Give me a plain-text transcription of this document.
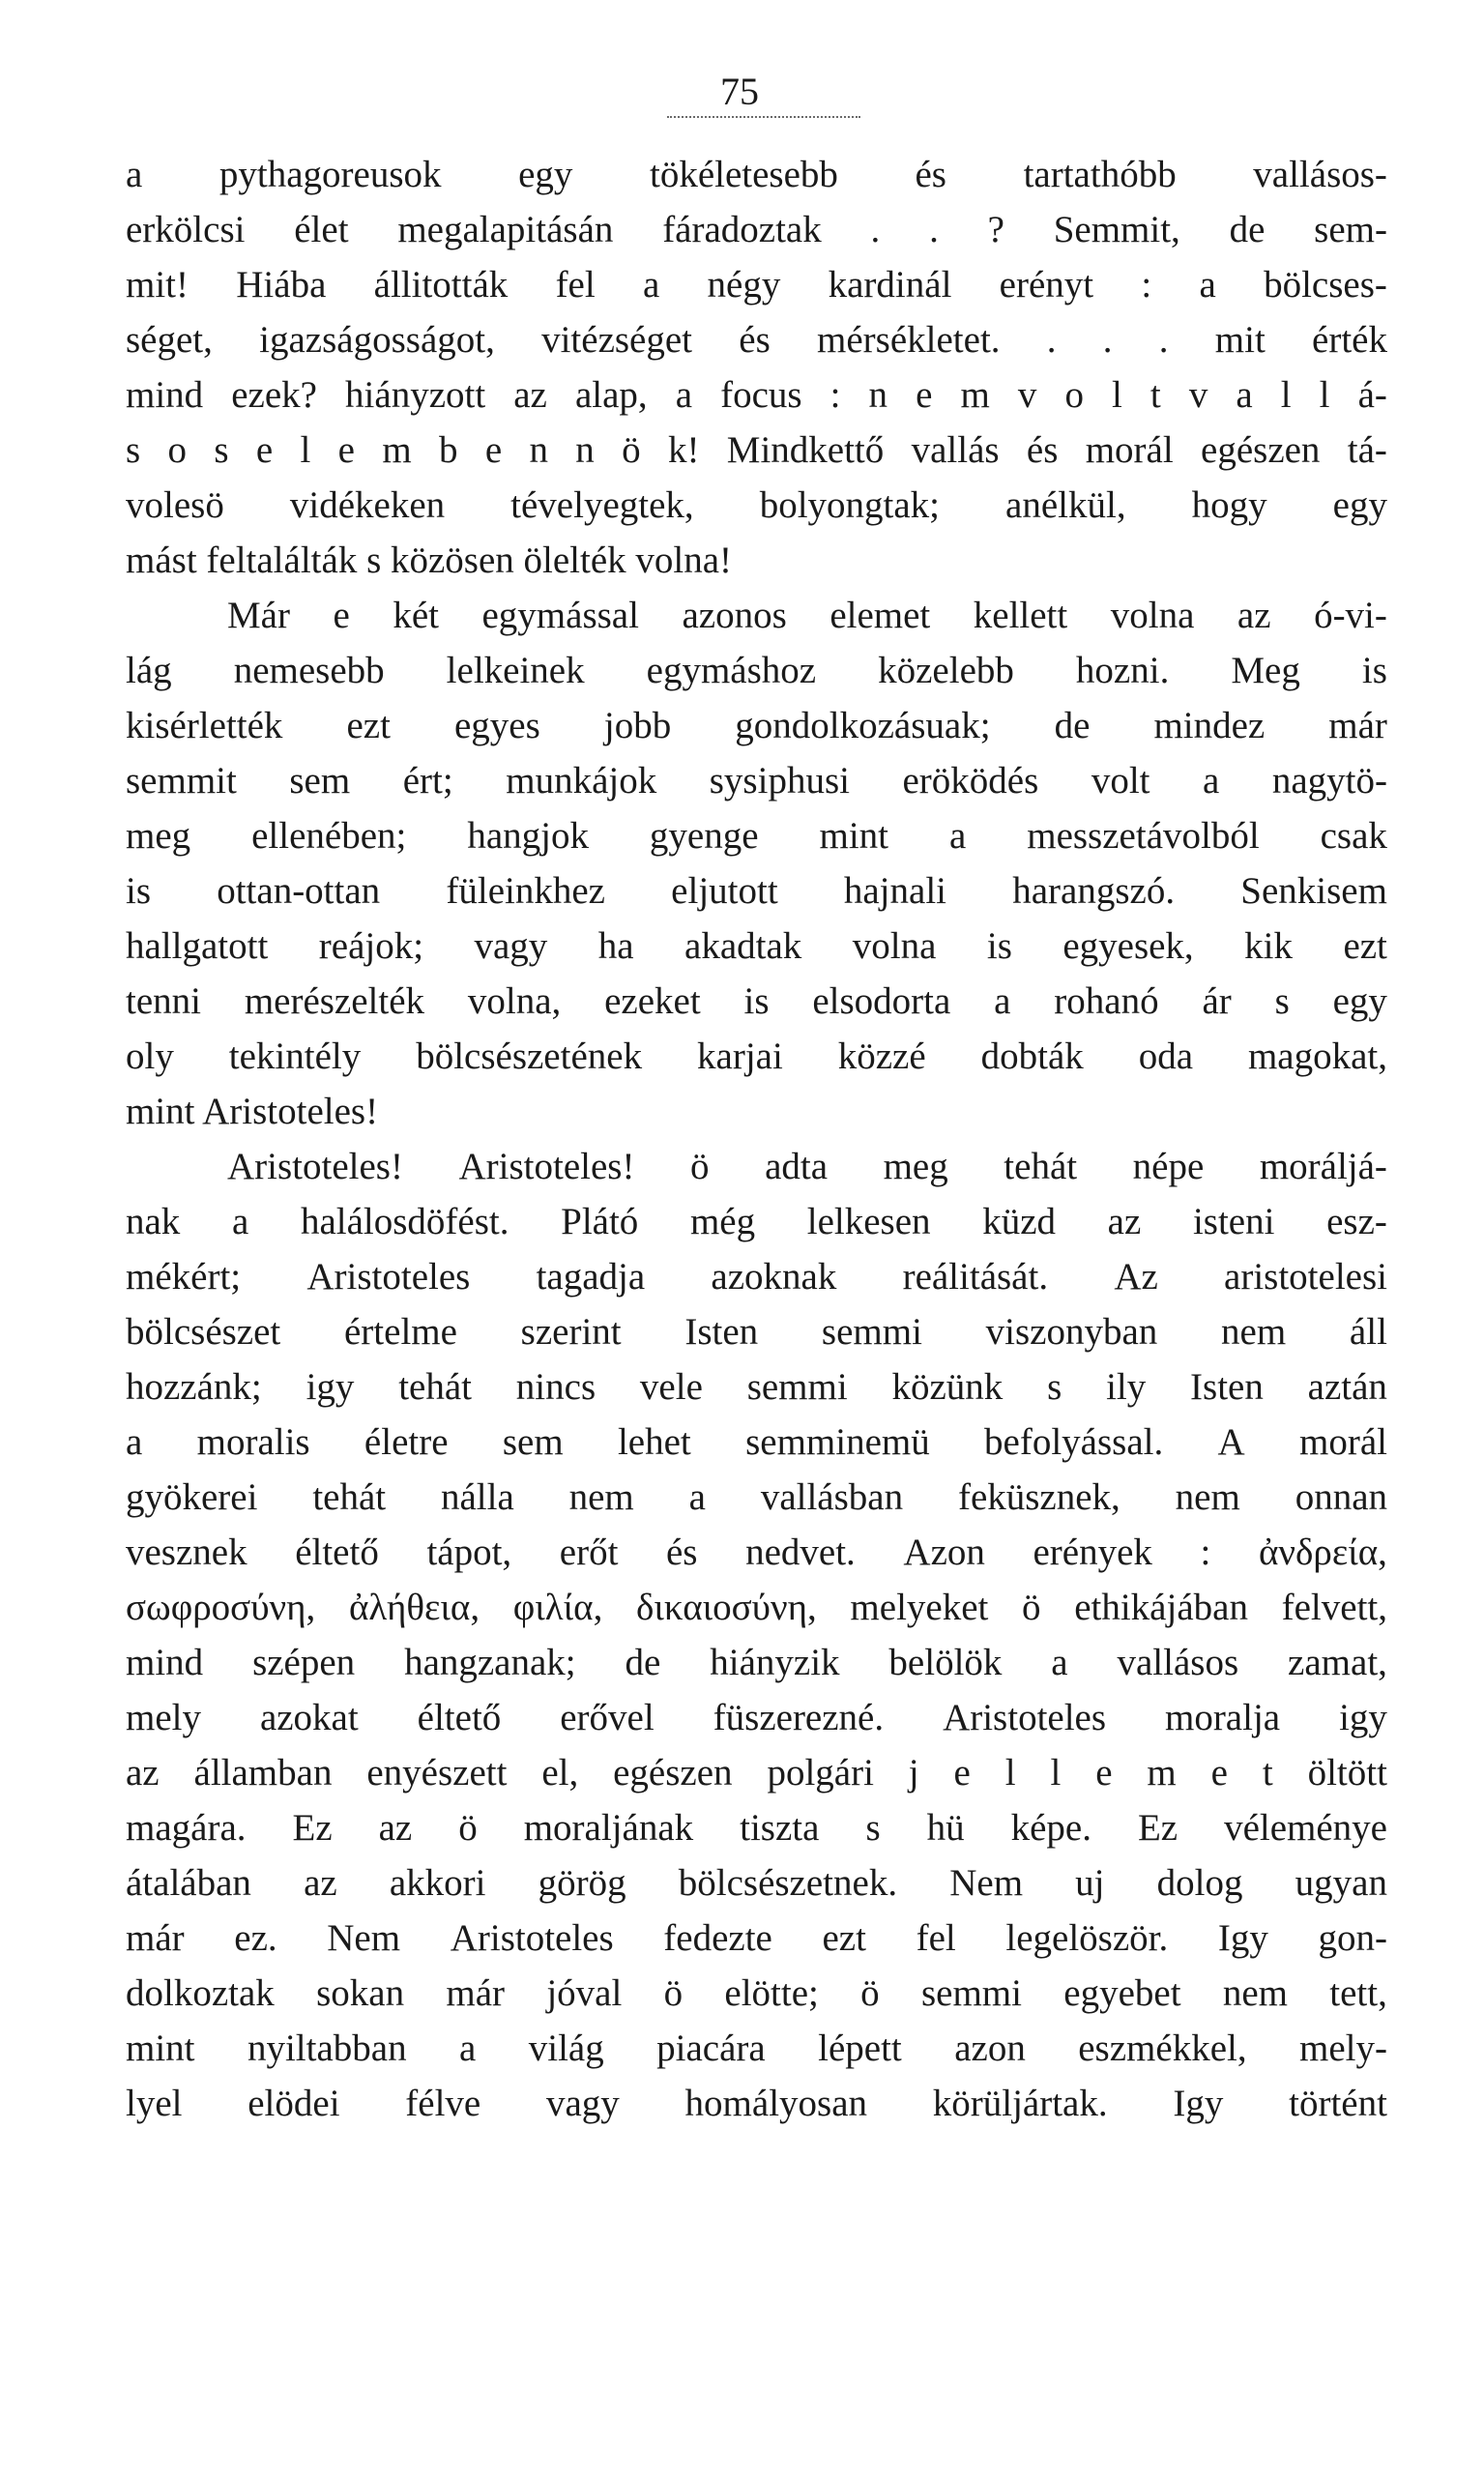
75
a pythagoreusok egy tökéletesebb és tartathóbb vallásos-
erkölcsi élet megalapitásán fáradoztak . . ? Semmit, de sem-
mit! Hiába állitották fel a négy kardinál erényt : a bölcses-
séget, igazságosságot, vitézséget és mérsékletet. . . . mit érték
mind ezek? hiányzott az alap, a focus : n e m v o l t v a l l á-
s o s e l e m b e n n ö k! Mindkettő vallás és morál egészen tá-
volesö vidékeken tévelyegtek, bolyongtak; anélkül, hogy egy
mást feltalálták s közösen ölelték volna!
Már e két egymással azonos elemet kellett volna az ó-vi-
lág nemesebb lelkeinek egymáshoz közelebb hozni. Meg is
kisérlették ezt egyes jobb gondolkozásuak; de mindez már
semmit sem ért; munkájok sysiphusi eröködés volt a nagytö-
meg ellenében; hangjok gyenge mint a messzetávolból csak
is ottan-ottan füleinkhez eljutott hajnali harangszó. Senkisem
hallgatott reájok; vagy ha akadtak volna is egyesek, kik ezt
tenni merészelték volna, ezeket is elsodorta a rohanó ár s egy
oly tekintély bölcsészetének karjai közzé dobták oda magokat,
mint Aristoteles!
Aristoteles! Aristoteles! ö adta meg tehát népe moráljá-
nak a halálosdöfést. Plátó még lelkesen küzd az isteni esz-
mékért; Aristoteles tagadja azoknak reálitását. Az aristotelesi
bölcsészet értelme szerint Isten semmi viszonyban nem áll
hozzánk; igy tehát nincs vele semmi közünk s ily Isten aztán
a moralis életre sem lehet semminemü befolyással. A morál
gyökerei tehát nálla nem a vallásban feküsznek, nem onnan
vesznek éltető tápot, erőt és nedvet. Azon erények : ἀνδρεία,
σωφροσύνη, ἀλήθεια, φιλία, δικαιοσύνη, melyeket ö ethikájában felvett,
mind szépen hangzanak; de hiányzik belölök a vallásos zamat,
mely azokat éltető erővel füszerezné. Aristoteles moralja igy
az államban enyészett el, egészen polgári j e l l e m e t öltött
magára. Ez az ö moraljának tiszta s hü képe. Ez véleménye
átalában az akkori görög bölcsészetnek. Nem uj dolog ugyan
már ez. Nem Aristoteles fedezte ezt fel legelöször. Igy gon-
dolkoztak sokan már jóval ö elötte; ö semmi egyebet nem tett,
mint nyiltabban a világ piacára lépett azon eszmékkel, mely-
lyel elödei félve vagy homályosan körüljártak. Igy történt
